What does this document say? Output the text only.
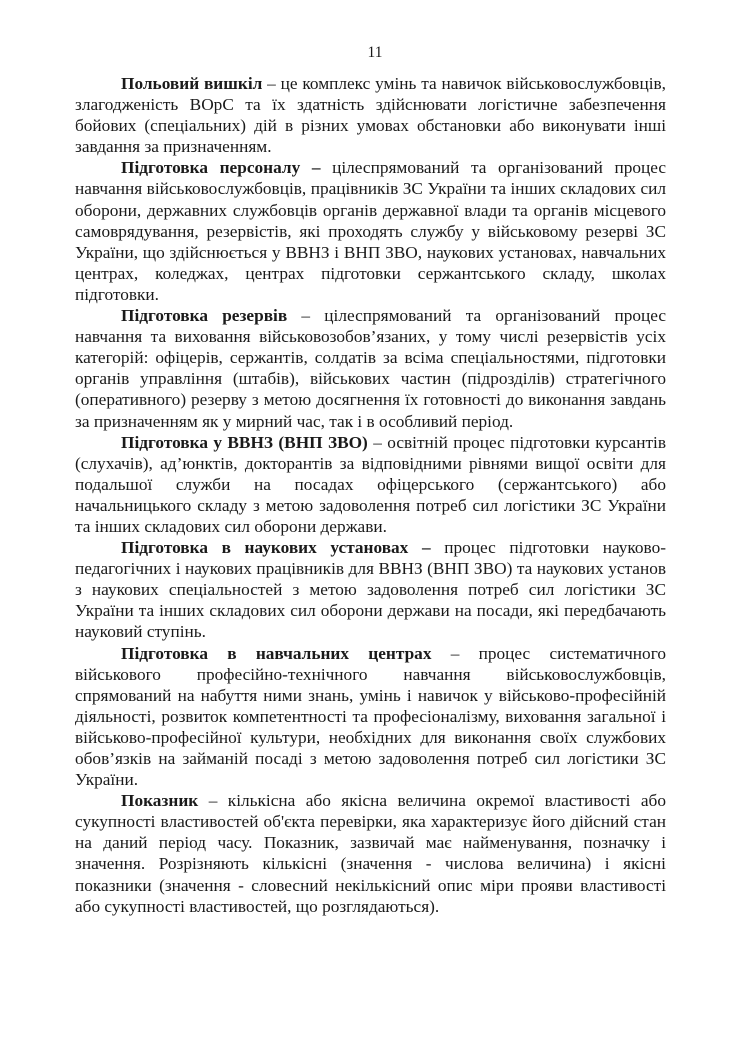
11

Польовий вишкіл – це комплекс умінь та навичок військовослужбовців, злагодженість ВОрС та їх здатність здійснювати логістичне забезпечення бойових (спеціальних) дій в різних умовах обстановки або виконувати інші завдання за призначенням.

Підготовка персоналу – цілеспрямований та організований процес навчання військовослужбовців, працівників ЗС України та інших складових сил оборони, державних службовців органів державної влади та органів місцевого самоврядування, резервістів, які проходять службу у військовому резерві ЗС України, що здійснюється у ВВНЗ і ВНП ЗВО, наукових установах, навчальних центрах, коледжах, центрах підготовки сержантського складу, школах підготовки.

Підготовка резервів – цілеспрямований та організований процес навчання та виховання військовозобов’язаних, у тому числі резервістів усіх категорій: офіцерів, сержантів, солдатів за всіма спеціальностями, підготовки органів управління (штабів), військових частин (підрозділів) стратегічного (оперативного) резерву з метою досягнення їх готовності до виконання завдань за призначенням як у мирний час, так і в особливий період.

Підготовка у ВВНЗ (ВНП ЗВО) – освітній процес підготовки курсантів (слухачів), ад’юнктів, докторантів за відповідними рівнями вищої освіти для подальшої служби на посадах офіцерського (сержантського) або начальницького складу з метою задоволення потреб сил логістики ЗС України та інших складових сил оборони держави.

Підготовка в наукових установах – процес підготовки науково-педагогічних і наукових працівників для ВВНЗ (ВНП ЗВО) та наукових установ з наукових спеціальностей з метою задоволення потреб сил логістики ЗС України та інших складових сил оборони держави на посади, які передбачають науковий ступінь.

Підготовка в навчальних центрах – процес систематичного військового професійно-технічного навчання військовослужбовців, спрямований на набуття ними знань, умінь і навичок у військово-професійній діяльності, розвиток компетентності та професіоналізму, виховання загальної і військово-професійної культури, необхідних для виконання своїх службових обов’язків на займаній посаді з метою задоволення потреб сил логістики ЗС України.

Показник – кількісна або якісна величина окремої властивості або сукупності властивостей об'єкта перевірки, яка характеризує його дійсний стан на даний період часу. Показник, зазвичай має найменування, позначку і значення. Розрізняють кількісні (значення - числова величина) і якісні показники (значення - словесний некількісний опис міри прояви властивості або сукупності властивостей, що розглядаються).
